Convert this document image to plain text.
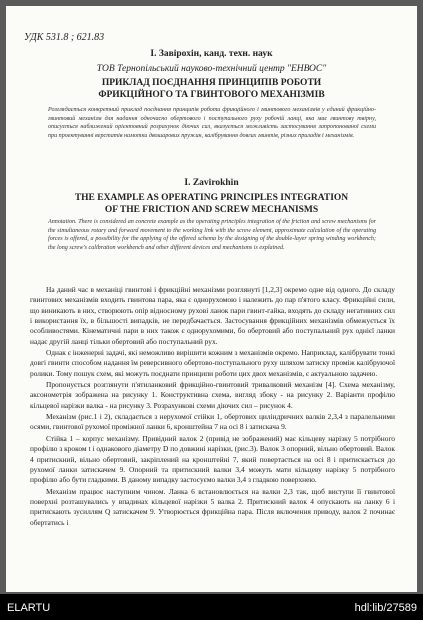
УДК 531.8 ; 621.83
I. Завірохін, канд. техн. наук
ТОВ Тернопільський науково-технічний центр "ЕНВОС"
ПРИКЛАД ПОЄДНАННЯ ПРИНЦИПІВ РОБОТИ
ФРИКЦІЙНОГО ТА ГВИНТОВОГО МЕХАНІЗМІВ
Розглядається конкретний приклад поєднання принципів роботи фрикційного і гвинтового механізмів у єдиний фрикційно-гвинтовий механізм для надання одночасно обертового і поступального руху робочій ланці, яка має гвинтову твірну, описується наближений орієнтовний розрахунок діючих сил, вказується можливість застосування запропонованої схеми при проектуванні верстатів намотки двошарових пружин, калібрування довгих гвинтів, різних приладів і механізмів.
I. Zavirokhin
THE EXAMPLE AS OPERATING PRINCIPLES INTEGRATION
OF THE FRICTION AND SCREW MECHANISMS
Annotation. There is considered an concrete example as the operating principles integration of the friction and screw mechanisms for the simultaneous rotary and forward movement to the working link with the screw element, approximate calculation of the operating forces is offered, a possibility for the applying of the offered schema by the designing of the double-layer spring winding workbench; the long screw's calibration workbench and other different devices and mechanisms is explained.

На даний час в механіці гвинтові і фрикційні механізми розглянуті [1,2,3] окремо одне від одного. До складу гвинтових механізмів входить гвинтова пара, яка є однорухомою і належить до пар п'ятого класу. Фрикційні сили, що виникають в них, створюють опір відносному рухові ланок пари гвинт-гайка, входять до складу негативних сил і використання їх, в більшості випадків, не передбачається. Застосування фрикційних механізмів обмежується їх особливостями. Кінематичні пари в них також є однорухомими, бо обертовий або поступальний рух однієї ланки надає другій ланці тільки обертовий або поступальний рух.

Однак є інженерні задачі, які неможливо вирішити кожним з механізмів окремо. Наприклад, калібрувати тонкі довгі гвинти способом надання їм реверсивного обертово-поступального руху шляхом затиску проміж калібруючої ролики. Тому пошук схем, які можуть поєднати принципи роботи цих двох механізмів, є актуальною задачею.

Пропонується розглянути п'ятиланковий фрикційно-гвинтовий тривалковий механізм [4]. Схема механізму, аксонометрія зображена на рисунку 1. Конструктивна схема, вигляд збоку - на рисунку 2. Варіанти профілю кільцевої нарізки валка - на рисунку 3. Розрахункові схеми діючих сил – рисунок 4.

Механізм (рис.1 і 2), складається з нерухомої стійки 1, обертових циліндричних валків 2,3,4 з паралельними осями, гвинтової рухомої проміжної ланки 6, кронштейна 7 на осі 8 і затискача 9.

Стійка 1 – корпус механізму. Привідний валок 2 (привід не зображений) має кільцеву нарізку 5 потрібного профілю з кроком t і однакового діаметру D по довжині нарізки, (рис.3). Валок 3 опорний, вільно обертовий. Валок 4 притискний, вільно обертовий, закріплений на кронштейні 7, який повертається на осі 8 і притискається до рухомої ланки затискачем 9. Опорний та притискний валки 3,4 можуть мати кільцеву нарізку 5 потрібного профілю або бути гладкими. В даному випадку застосуємо валки 3,4 з гладкою поверхнею.

Механізм працює наступним чином. Ланка 6 встановлюється на валки 2,3 так, щоб виступи її гвинтової поверхні розташувались у впадинах кільцевої нарізки 5 валка 2. Притискний валок 4 опускають на ланку 6 і притискають зусиллям Q затискачем 9. Утворюється фрикційна пара. Після включення приводу, валок 2 починає обертатись і

ELARTU	hdl:lib/27589
